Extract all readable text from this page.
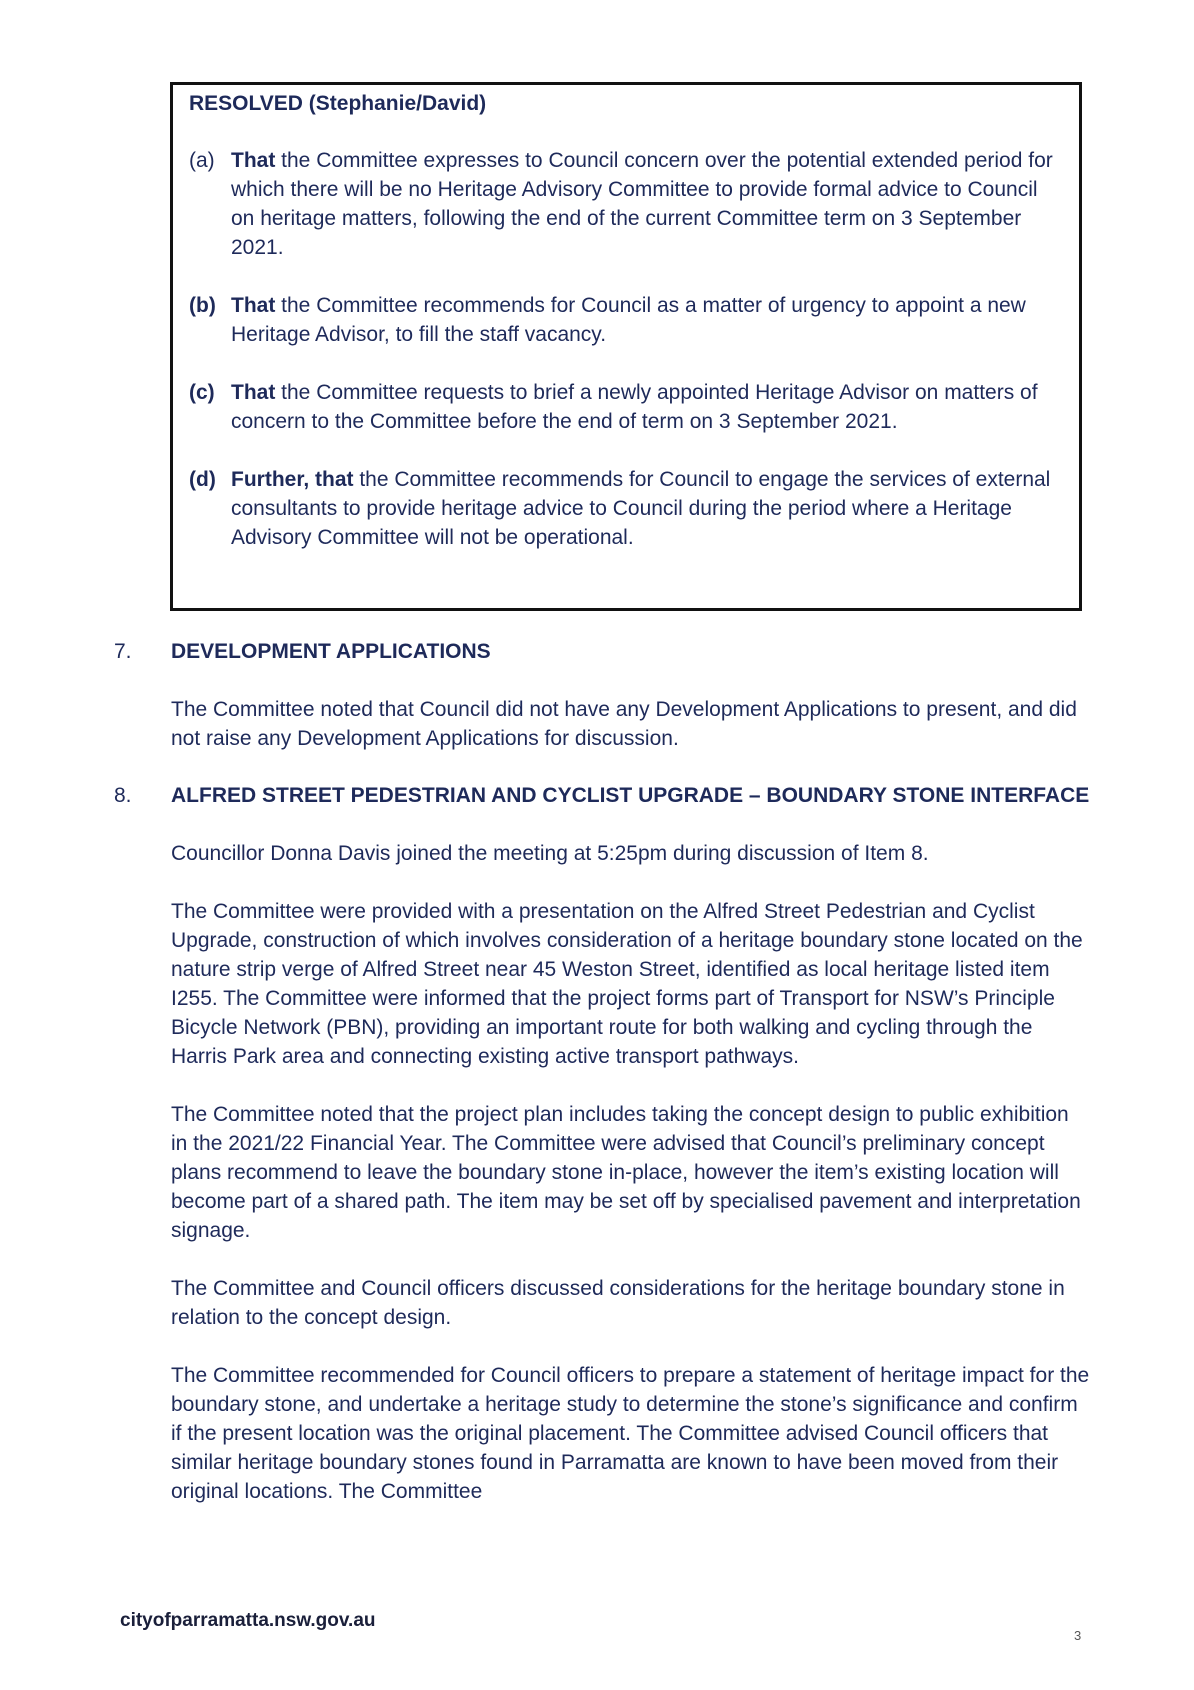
RESOLVED (Stephanie/David)

(a) That the Committee expresses to Council concern over the potential extended period for which there will be no Heritage Advisory Committee to provide formal advice to Council on heritage matters, following the end of the current Committee term on 3 September 2021.
(b) That the Committee recommends for Council as a matter of urgency to appoint a new Heritage Advisor, to fill the staff vacancy.
(c) That the Committee requests to brief a newly appointed Heritage Advisor on matters of concern to the Committee before the end of term on 3 September 2021.
(d) Further, that the Committee recommends for Council to engage the services of external consultants to provide heritage advice to Council during the period where a Heritage Advisory Committee will not be operational.
7. DEVELOPMENT APPLICATIONS

The Committee noted that Council did not have any Development Applications to present, and did not raise any Development Applications for discussion.

8. ALFRED STREET PEDESTRIAN AND CYCLIST UPGRADE – BOUNDARY STONE INTERFACE

Councillor Donna Davis joined the meeting at 5:25pm during discussion of Item 8.

The Committee were provided with a presentation on the Alfred Street Pedestrian and Cyclist Upgrade, construction of which involves consideration of a heritage boundary stone located on the nature strip verge of Alfred Street near 45 Weston Street, identified as local heritage listed item I255. The Committee were informed that the project forms part of Transport for NSW’s Principle Bicycle Network (PBN), providing an important route for both walking and cycling through the Harris Park area and connecting existing active transport pathways.

The Committee noted that the project plan includes taking the concept design to public exhibition in the 2021/22 Financial Year. The Committee were advised that Council’s preliminary concept plans recommend to leave the boundary stone in-place, however the item’s existing location will become part of a shared path. The item may be set off by specialised pavement and interpretation signage.

The Committee and Council officers discussed considerations for the heritage boundary stone in relation to the concept design.

The Committee recommended for Council officers to prepare a statement of heritage impact for the boundary stone, and undertake a heritage study to determine the stone’s significance and confirm if the present location was the original placement. The Committee advised Council officers that similar heritage boundary stones found in Parramatta are known to have been moved from their original locations. The Committee

cityofparramatta.nsw.gov.au
3
